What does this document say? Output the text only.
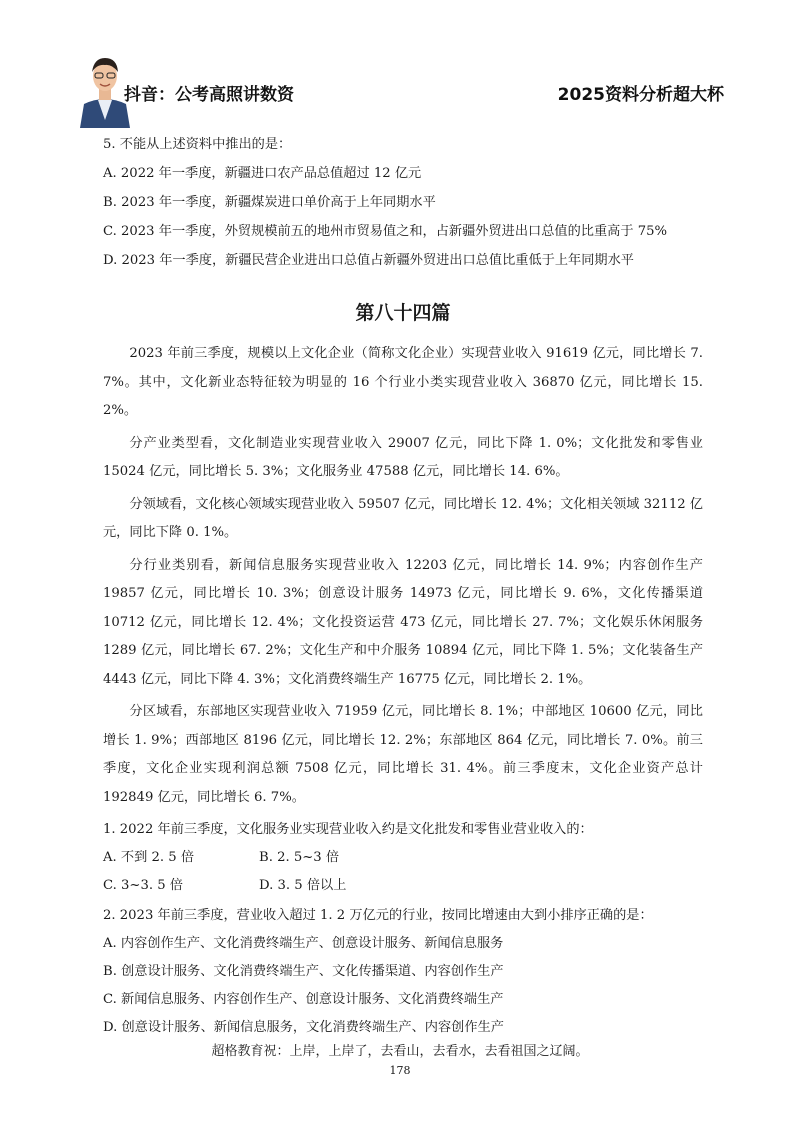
抖音：公考高照讲数资	2025资料分析超大杯
5. 不能从上述资料中推出的是：
A. 2022 年一季度，新疆进口农产品总值超过 12 亿元
B. 2023 年一季度，新疆煤炭进口单价高于上年同期水平
C. 2023 年一季度，外贸规模前五的地州市贸易值之和，占新疆外贸进出口总值的比重高于 75%
D. 2023 年一季度，新疆民营企业进出口总值占新疆外贸进出口总值比重低于上年同期水平
第八十四篇
2023 年前三季度，规模以上文化企业（简称文化企业）实现营业收入 91619 亿元，同比增长 7. 7%。其中，文化新业态特征较为明显的 16 个行业小类实现营业收入 36870 亿元，同比增长 15. 2%。
分产业类型看，文化制造业实现营业收入 29007 亿元，同比下降 1. 0%；文化批发和零售业 15024 亿元，同比增长 5. 3%；文化服务业 47588 亿元，同比增长 14. 6%。
分领域看，文化核心领域实现营业收入 59507 亿元，同比增长 12. 4%；文化相关领域 32112 亿元，同比下降 0. 1%。
分行业类别看，新闻信息服务实现营业收入 12203 亿元，同比增长 14. 9%；内容创作生产 19857 亿元，同比增长 10. 3%；创意设计服务 14973 亿元，同比增长 9. 6%，文化传播渠道 10712 亿元，同比增长 12. 4%；文化投资运营 473 亿元，同比增长 27. 7%；文化娱乐休闲服务 1289 亿元，同比增长 67. 2%；文化生产和中介服务 10894 亿元，同比下降 1. 5%；文化装备生产 4443 亿元，同比下降 4. 3%；文化消费终端生产 16775 亿元，同比增长 2. 1%。
分区域看，东部地区实现营业收入 71959 亿元，同比增长 8. 1%；中部地区 10600 亿元，同比增长 1. 9%；西部地区 8196 亿元，同比增长 12. 2%；东部地区 864 亿元，同比增长 7. 0%。前三季度，文化企业实现利润总额 7508 亿元，同比增长 31. 4%。前三季度末，文化企业资产总计 192849 亿元，同比增长 6. 7%。
1. 2022 年前三季度，文化服务业实现营业收入约是文化批发和零售业营业收入的：
A. 不到 2. 5 倍	B. 2. 5~3 倍
C. 3~3. 5 倍	D. 3. 5 倍以上
2. 2023 年前三季度，营业收入超过 1. 2 万亿元的行业，按同比增速由大到小排序正确的是：
A. 内容创作生产、文化消费终端生产、创意设计服务、新闻信息服务
B. 创意设计服务、文化消费终端生产、文化传播渠道、内容创作生产
C. 新闻信息服务、内容创作生产、创意设计服务、文化消费终端生产
D. 创意设计服务、新闻信息服务，文化消费终端生产、内容创作生产
超格教育祝：上岸，上岸了，去看山，去看水，去看祖国之辽阔。
178
